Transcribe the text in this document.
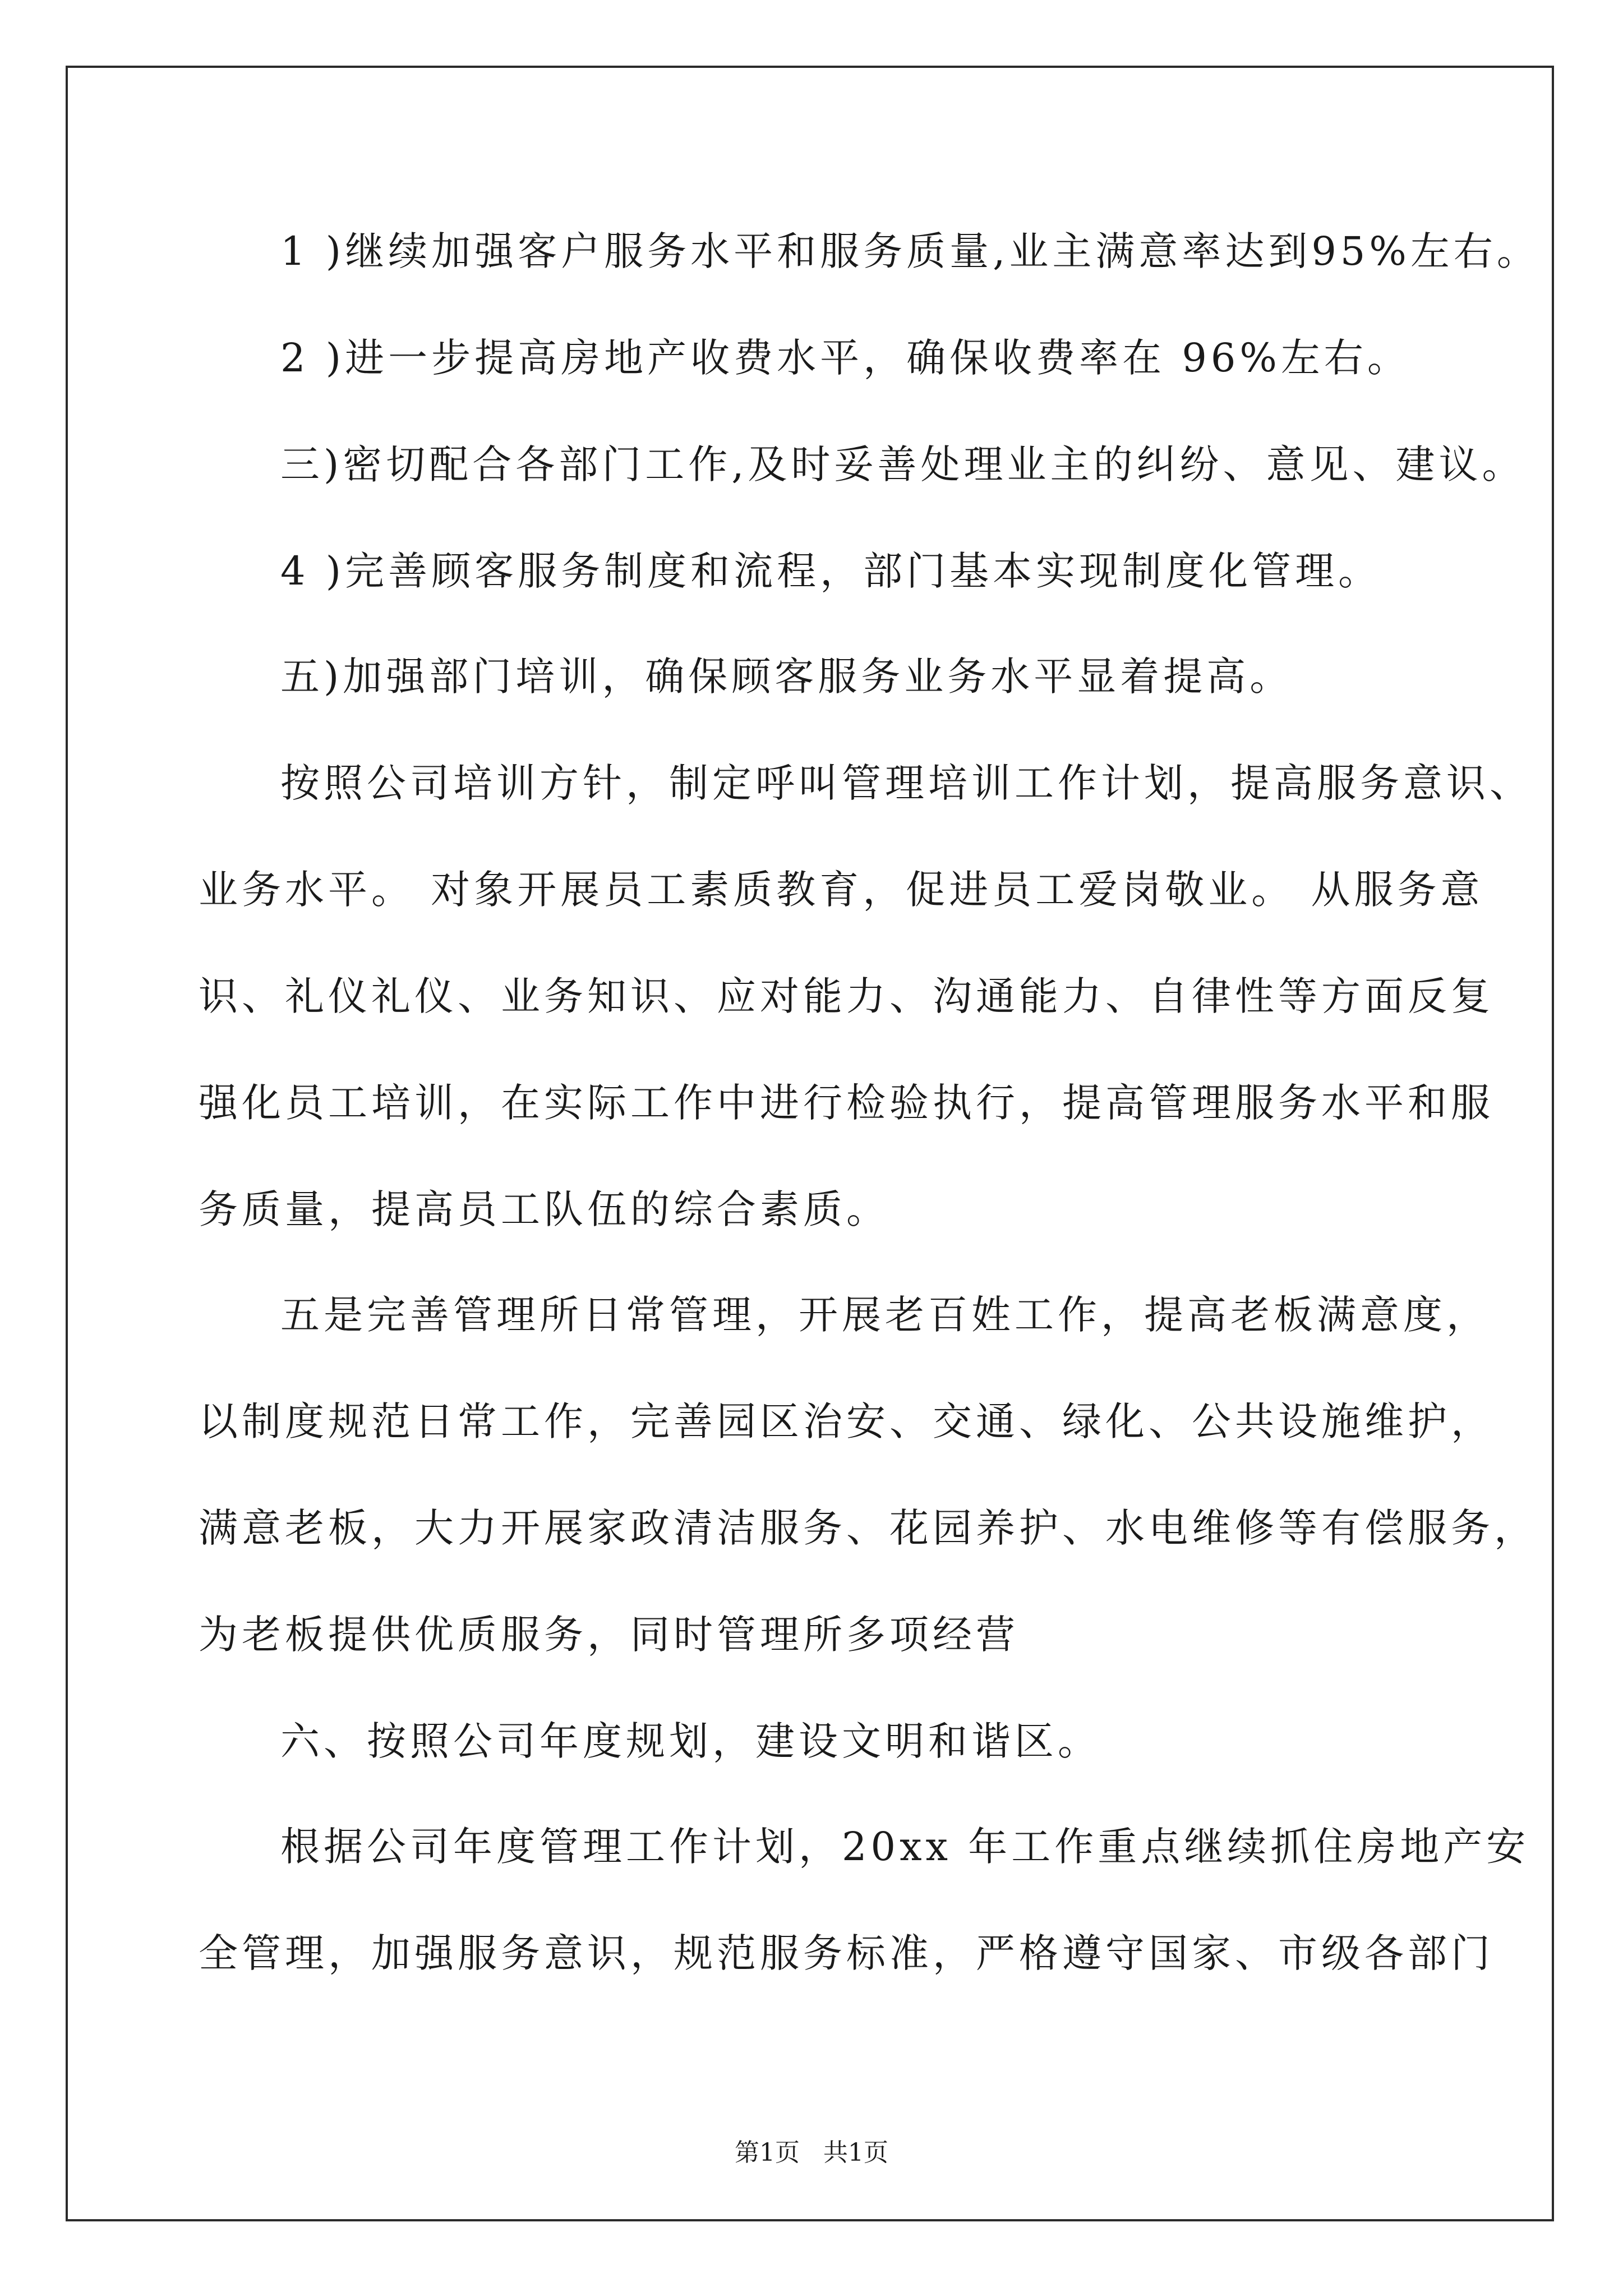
1 )继续加强客户服务水平和服务质量,业主满意率达到95%左右。

2 )进一步提高房地产收费水平，确保收费率在 96%左右。

三)密切配合各部门工作,及时妥善处理业主的纠纷、意见、建议。

4 )完善顾客服务制度和流程，部门基本实现制度化管理。

五)加强部门培训，确保顾客服务业务水平显着提高。

按照公司培训方针，制定呼叫管理培训工作计划，提高服务意识、

业务水平。 对象开展员工素质教育，促进员工爱岗敬业。 从服务意

识、礼仪礼仪、业务知识、应对能力、沟通能力、自律性等方面反复

强化员工培训，在实际工作中进行检验执行，提高管理服务水平和服

务质量，提高员工队伍的综合素质。

五是完善管理所日常管理，开展老百姓工作，提高老板满意度，

以制度规范日常工作，完善园区治安、交通、绿化、公共设施维护，

满意老板，大力开展家政清洁服务、花园养护、水电维修等有偿服务，

为老板提供优质服务，同时管理所多项经营

六、按照公司年度规划，建设文明和谐区。

根据公司年度管理工作计划，20xx 年工作重点继续抓住房地产安

全管理，加强服务意识，规范服务标准，严格遵守国家、市级各部门

第1页   共1页
